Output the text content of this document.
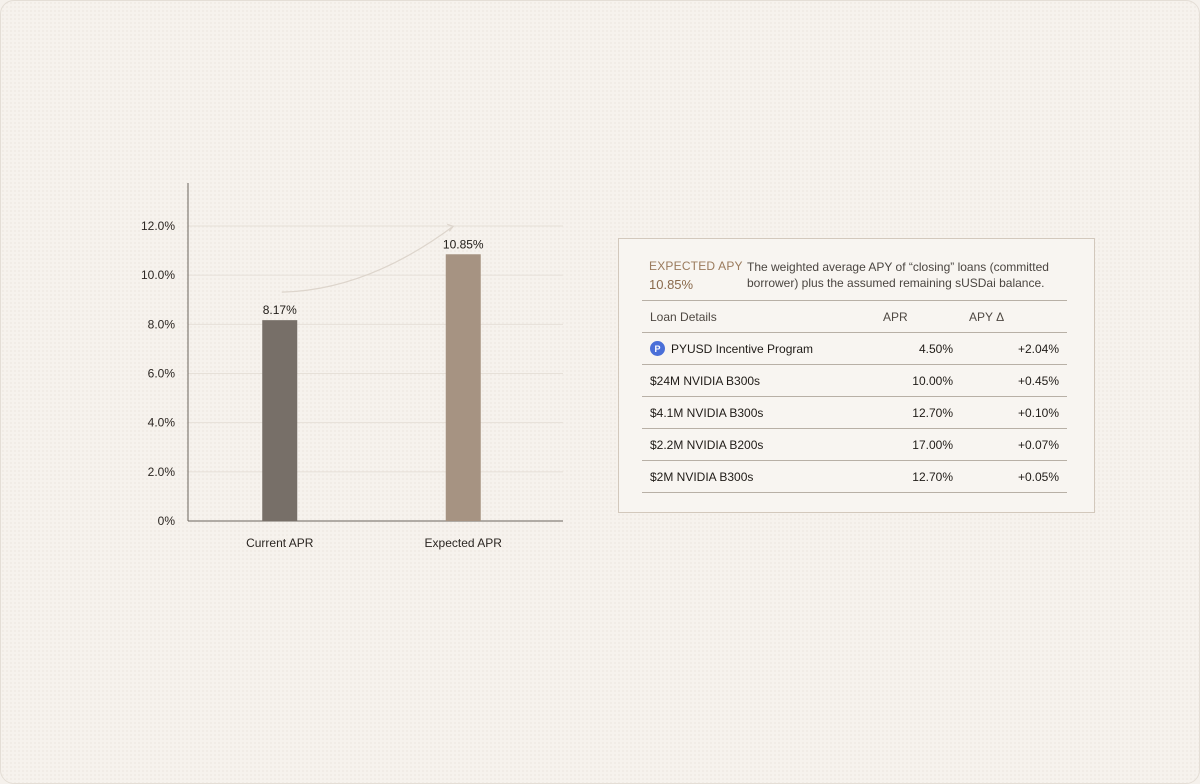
0%
2.0%
4.0%
6.0%
8.0%
10.0%
12.0%
8.17%
Current APR
10.85%
Expected APR
EXPECTED APY
10.85%
The weighted average APY of “closing” loans (committed borrower) plus the assumed remaining sUSDai balance.
Loan Details	APR	APY Δ

P PYUSD Incentive Program	4.50%	+2.04%
$24M NVIDIA B300s	10.00%	+0.45%
$4.1M NVIDIA B300s	12.70%	+0.10%
$2.2M NVIDIA B200s	17.00%	+0.07%
$2M NVIDIA B300s	12.70%	+0.05%
